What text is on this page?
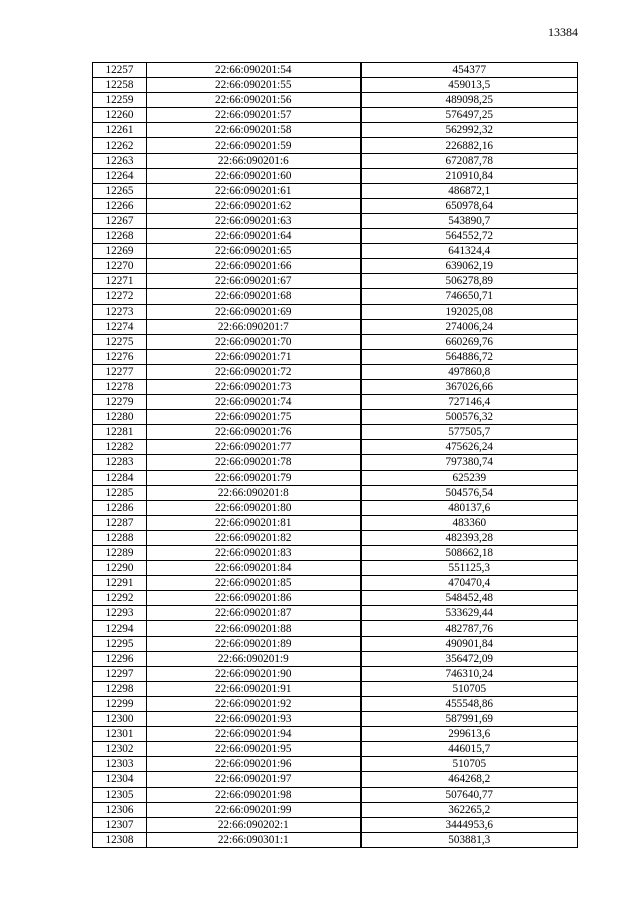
13384
12257	22:66:090201:54	454377
12258	22:66:090201:55	459013,5
12259	22:66:090201:56	489098,25
12260	22:66:090201:57	576497,25
12261	22:66:090201:58	562992,32
12262	22:66:090201:59	226882,16
12263	22:66:090201:6	672087,78
12264	22:66:090201:60	210910,84
12265	22:66:090201:61	486872,1
12266	22:66:090201:62	650978,64
12267	22:66:090201:63	543890,7
12268	22:66:090201:64	564552,72
12269	22:66:090201:65	641324,4
12270	22:66:090201:66	639062,19
12271	22:66:090201:67	506278,89
12272	22:66:090201:68	746650,71
12273	22:66:090201:69	192025,08
12274	22:66:090201:7	274006,24
12275	22:66:090201:70	660269,76
12276	22:66:090201:71	564886,72
12277	22:66:090201:72	497860,8
12278	22:66:090201:73	367026,66
12279	22:66:090201:74	727146,4
12280	22:66:090201:75	500576,32
12281	22:66:090201:76	577505,7
12282	22:66:090201:77	475626,24
12283	22:66:090201:78	797380,74
12284	22:66:090201:79	625239
12285	22:66:090201:8	504576,54
12286	22:66:090201:80	480137,6
12287	22:66:090201:81	483360
12288	22:66:090201:82	482393,28
12289	22:66:090201:83	508662,18
12290	22:66:090201:84	551125,3
12291	22:66:090201:85	470470,4
12292	22:66:090201:86	548452,48
12293	22:66:090201:87	533629,44
12294	22:66:090201:88	482787,76
12295	22:66:090201:89	490901,84
12296	22:66:090201:9	356472,09
12297	22:66:090201:90	746310,24
12298	22:66:090201:91	510705
12299	22:66:090201:92	455548,86
12300	22:66:090201:93	587991,69
12301	22:66:090201:94	299613,6
12302	22:66:090201:95	446015,7
12303	22:66:090201:96	510705
12304	22:66:090201:97	464268,2
12305	22:66:090201:98	507640,77
12306	22:66:090201:99	362265,2
12307	22:66:090202:1	3444953,6
12308	22:66:090301:1	503881,3
